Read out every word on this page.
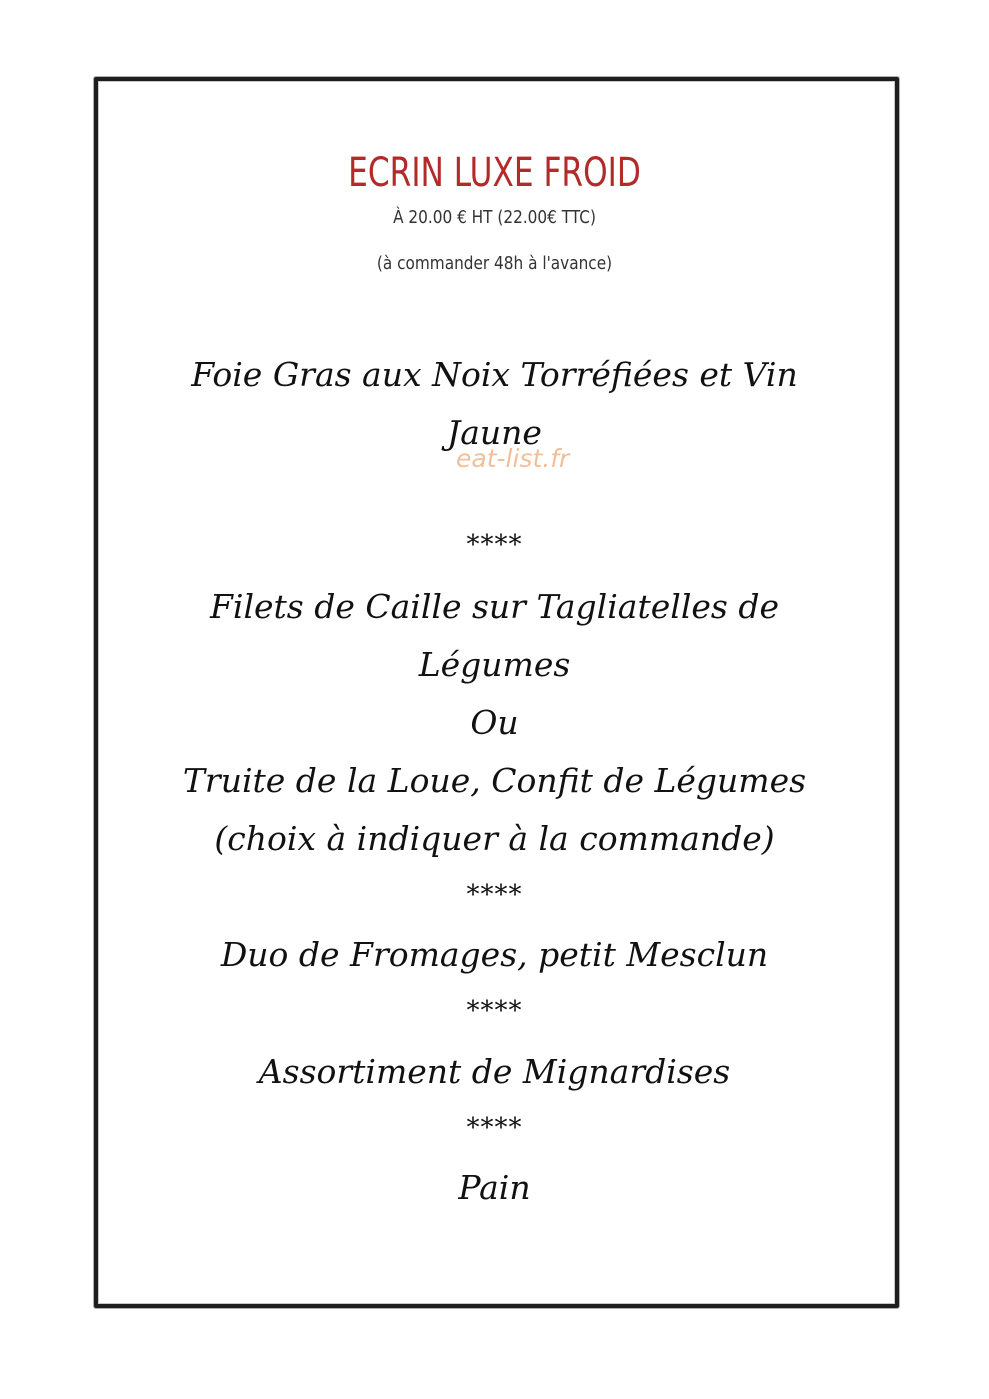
ECRIN LUXE FROID
À 20.00 € HT (22.00€ TTC)
(à commander 48h à l'avance)
Foie Gras aux Noix Torréfiées et Vin
Jaune
eat-list.fr
****
Filets de Caille sur Tagliatelles de
Légumes
Ou
Truite de la Loue, Confit de Légumes
(choix à indiquer à la commande)
****
Duo de Fromages, petit Mesclun
****
Assortiment de Mignardises
****
Pain
